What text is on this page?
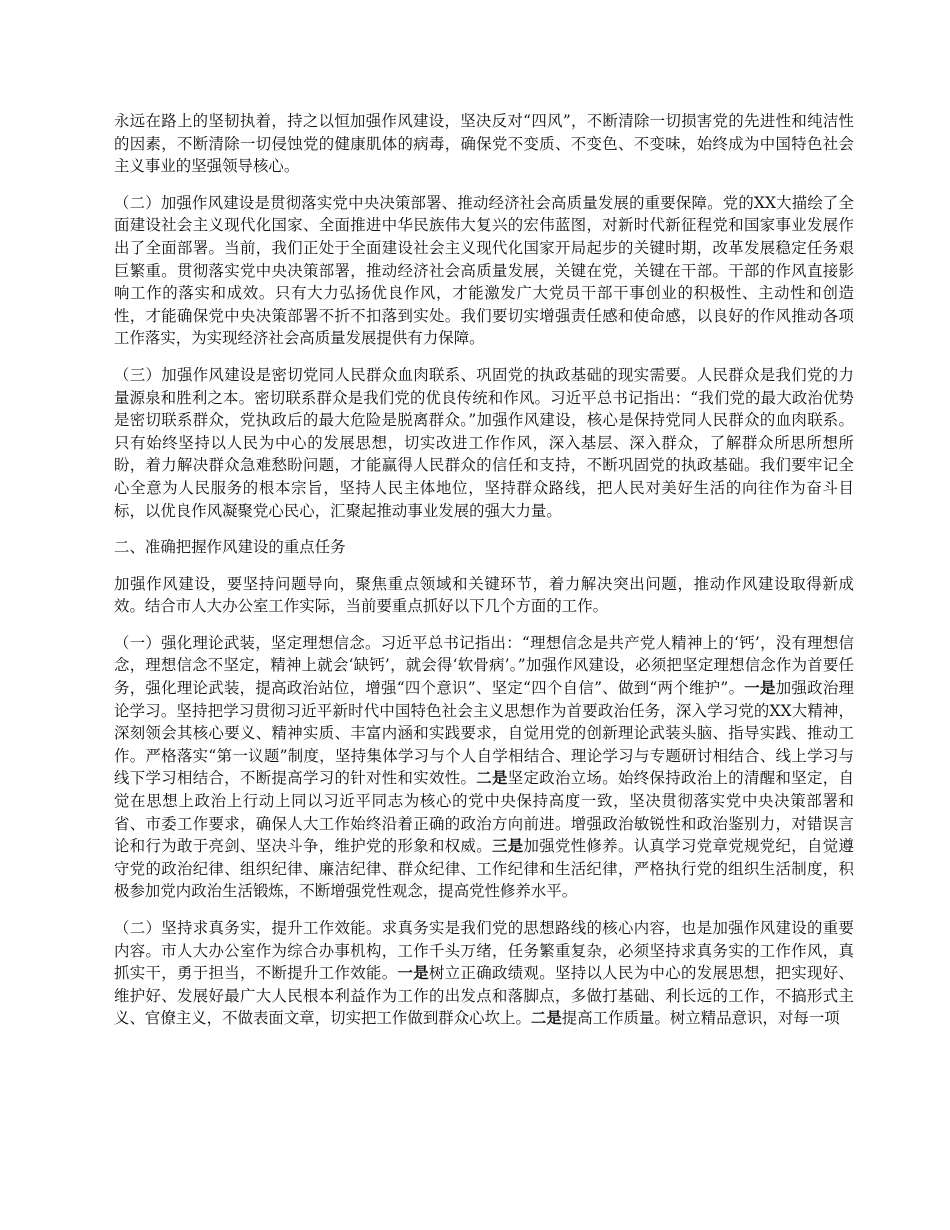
永远在路上的坚韧执着，持之以恒加强作风建设，坚决反对“四风”，不断清除一切损害党的先进性和纯洁性的因素，不断清除一切侵蚀党的健康肌体的病毒，确保党不变质、不变色、不变味，始终成为中国特色社会主义事业的坚强领导核心。

（二）加强作风建设是贯彻落实党中央决策部署、推动经济社会高质量发展的重要保障。党的XX大描绘了全面建设社会主义现代化国家、全面推进中华民族伟大复兴的宏伟蓝图，对新时代新征程党和国家事业发展作出了全面部署。当前，我们正处于全面建设社会主义现代化国家开局起步的关键时期，改革发展稳定任务艰巨繁重。贯彻落实党中央决策部署，推动经济社会高质量发展，关键在党，关键在干部。干部的作风直接影响工作的落实和成效。只有大力弘扬优良作风，才能激发广大党员干部干事创业的积极性、主动性和创造性，才能确保党中央决策部署不折不扣落到实处。我们要切实增强责任感和使命感，以良好的作风推动各项工作落实，为实现经济社会高质量发展提供有力保障。

（三）加强作风建设是密切党同人民群众血肉联系、巩固党的执政基础的现实需要。人民群众是我们党的力量源泉和胜利之本。密切联系群众是我们党的优良传统和作风。习近平总书记指出：“我们党的最大政治优势是密切联系群众，党执政后的最大危险是脱离群众。”加强作风建设，核心是保持党同人民群众的血肉联系。只有始终坚持以人民为中心的发展思想，切实改进工作作风，深入基层、深入群众，了解群众所思所想所盼，着力解决群众急难愁盼问题，才能赢得人民群众的信任和支持，不断巩固党的执政基础。我们要牢记全心全意为人民服务的根本宗旨，坚持人民主体地位，坚持群众路线，把人民对美好生活的向往作为奋斗目标，以优良作风凝聚党心民心，汇聚起推动事业发展的强大力量。

二、准确把握作风建设的重点任务

加强作风建设，要坚持问题导向，聚焦重点领域和关键环节，着力解决突出问题，推动作风建设取得新成效。结合市人大办公室工作实际，当前要重点抓好以下几个方面的工作。

（一）强化理论武装，坚定理想信念。习近平总书记指出：“理想信念是共产党人精神上的‘钙’，没有理想信念，理想信念不坚定，精神上就会‘缺钙’，就会得‘软骨病’。”加强作风建设，必须把坚定理想信念作为首要任务，强化理论武装，提高政治站位，增强“四个意识”、坚定“四个自信”、做到“两个维护”。一是加强政治理论学习。坚持把学习贯彻习近平新时代中国特色社会主义思想作为首要政治任务，深入学习党的XX大精神，深刻领会其核心要义、精神实质、丰富内涵和实践要求，自觉用党的创新理论武装头脑、指导实践、推动工作。严格落实“第一议题”制度，坚持集体学习与个人自学相结合、理论学习与专题研讨相结合、线上学习与线下学习相结合，不断提高学习的针对性和实效性。二是坚定政治立场。始终保持政治上的清醒和坚定，自觉在思想上政治上行动上同以习近平同志为核心的党中央保持高度一致，坚决贯彻落实党中央决策部署和省、市委工作要求，确保人大工作始终沿着正确的政治方向前进。增强政治敏锐性和政治鉴别力，对错误言论和行为敢于亮剑、坚决斗争，维护党的形象和权威。三是加强党性修养。认真学习党章党规党纪，自觉遵守党的政治纪律、组织纪律、廉洁纪律、群众纪律、工作纪律和生活纪律，严格执行党的组织生活制度，积极参加党内政治生活锻炼，不断增强党性观念，提高党性修养水平。

（二）坚持求真务实，提升工作效能。求真务实是我们党的思想路线的核心内容，也是加强作风建设的重要内容。市人大办公室作为综合办事机构，工作千头万绪，任务繁重复杂，必须坚持求真务实的工作作风，真抓实干，勇于担当，不断提升工作效能。一是树立正确政绩观。坚持以人民为中心的发展思想，把实现好、维护好、发展好最广大人民根本利益作为工作的出发点和落脚点，多做打基础、利长远的工作，不搞形式主义、官僚主义，不做表面文章，切实把工作做到群众心坎上。二是提高工作质量。树立精品意识，对每一项
